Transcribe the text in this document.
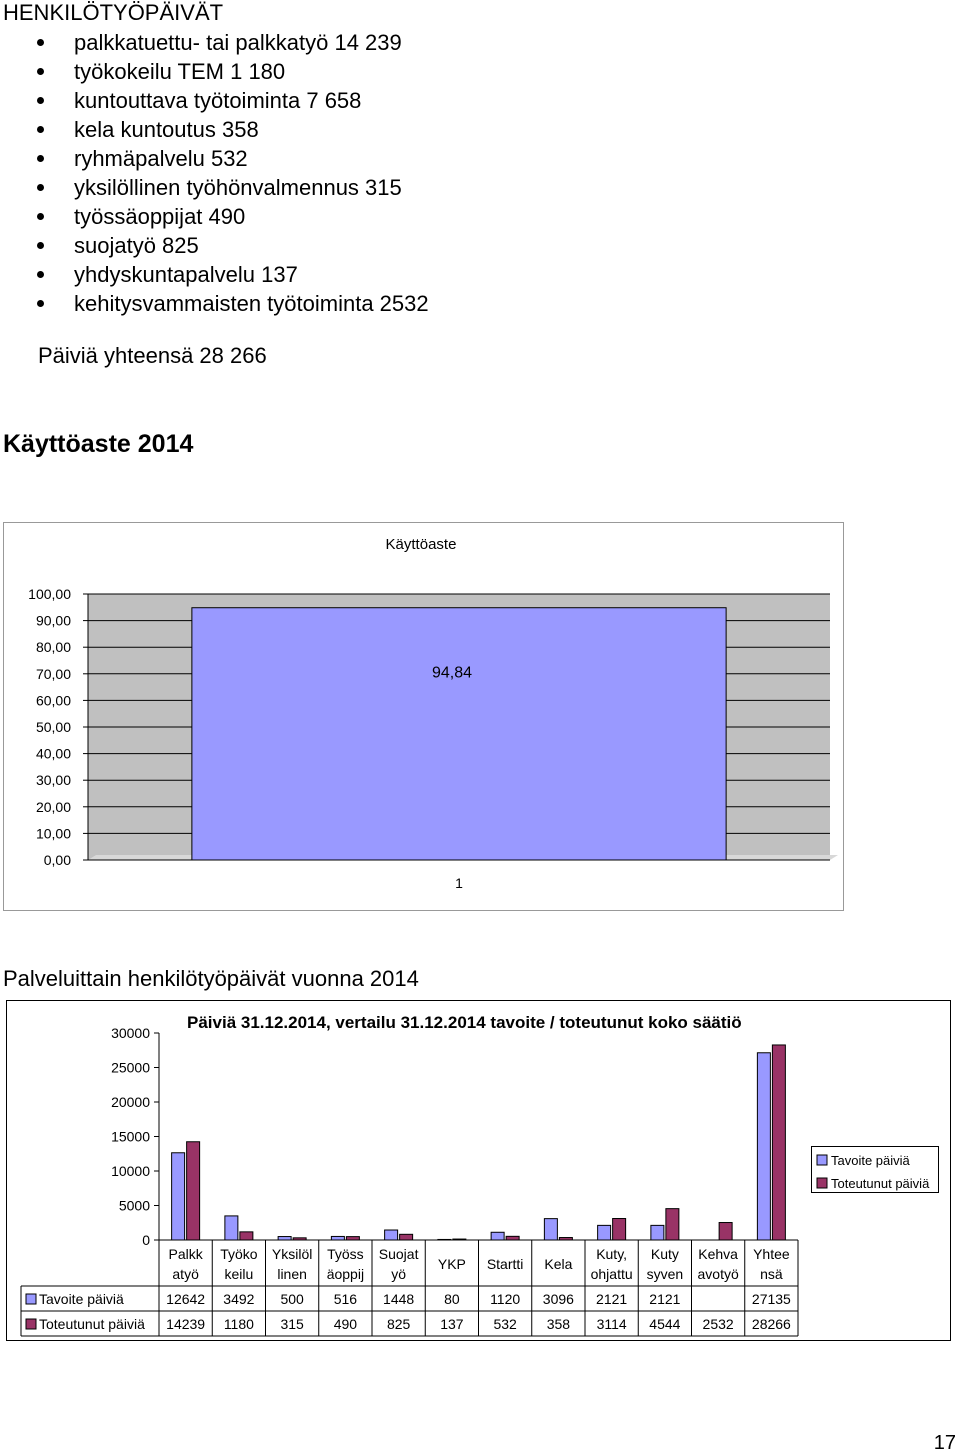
HENKILÖTYÖPÄIVÄT
palkkatuettu- tai palkkatyö 14 239
työkokeilu TEM 1 180
kuntouttava työtoiminta 7 658
kela kuntoutus 358
ryhmäpalvelu 532
yksilöllinen työhönvalmennus 315
työssäoppijat 490
suojatyö 825
yhdyskuntapalvelu 137
kehitysvammaisten työtoiminta 2532
Päiviä yhteensä 28 266
Käyttöaste 2014
Käyttöaste
0,00
10,00
20,00
30,00
40,00
50,00
60,00
70,00
80,00
90,00
100,00
94,84
1
Palveluittain henkilötyöpäivät vuonna 2014
Päiviä 31.12.2014, vertailu 31.12.2014 tavoite / toteutunut koko säätiö
0
5000
10000
15000
20000
25000
30000
Palkk
atyö
Työko
keilu
Yksilöl
linen
Työss
äoppij
Suojat
yö
YKP Startti Kela
Kuty,
ohjattu
Kuty
syven
Kehva
avotyö
Yhtee
nsä
Tavoite päiviä	12642 3492 500 516 1448 80 1120 3096 2121 2121	27135
Toteutunut päiviä 14239 1180 315 490 825 137 532 358 3114 4544 2532 28266
Tavoite päiviä
Toteutunut päiviä
17
